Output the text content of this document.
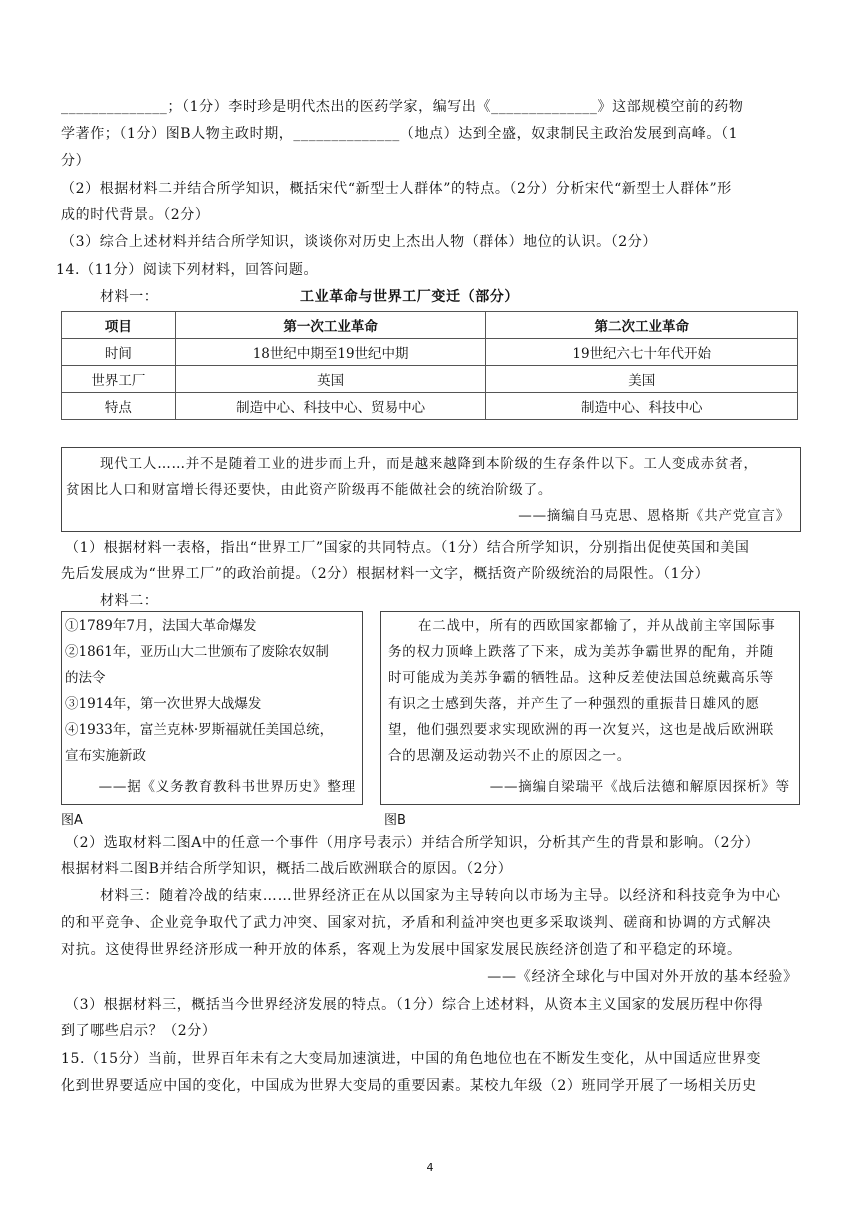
______________；（1分）李时珍是明代杰出的医药学家，编写出《______________》这部规模空前的药物
学著作；（1分）图B人物主政时期，______________（地点）达到全盛，奴隶制民主政治发展到高峰。（1
分）
（2）根据材料二并结合所学知识，概括宋代“新型士人群体”的特点。（2分）分析宋代“新型士人群体”形
成的时代背景。（2分）
（3）综合上述材料并结合所学知识，谈谈你对历史上杰出人物（群体）地位的认识。（2分）
14.（11分）阅读下列材料，回答问题。
材料一：	工业革命与世界工厂变迁（部分）
项目	第一次工业革命	第二次工业革命
时间	18世纪中期至19世纪中期	19世纪六七十年代开始
世界工厂	英国	美国
特点	制造中心、科技中心、贸易中心	制造中心、科技中心
现代工人……并不是随着工业的进步而上升，而是越来越降到本阶级的生存条件以下。工人变成赤贫者，
贫困比人口和财富增长得还要快，由此资产阶级再不能做社会的统治阶级了。
——摘编自马克思、恩格斯《共产党宣言》
（1）根据材料一表格，指出“世界工厂”国家的共同特点。（1分）结合所学知识，分别指出促使英国和美国
先后发展成为“世界工厂”的政治前提。（2分）根据材料一文字，概括资产阶级统治的局限性。（1分）
材料二：
①1789年7月，法国大革命爆发
②1861年，亚历山大二世颁布了废除农奴制
的法令
③1914年，第一次世界大战爆发
④1933年，富兰克林·罗斯福就任美国总统，
宣布实施新政
——据《义务教育教科书世界历史》整理
在二战中，所有的西欧国家都输了，并从战前主宰国际事
务的权力顶峰上跌落了下来，成为美苏争霸世界的配角，并随
时可能成为美苏争霸的牺牲品。这种反差使法国总统戴高乐等
有识之士感到失落，并产生了一种强烈的重振昔日雄风的愿
望，他们强烈要求实现欧洲的再一次复兴，这也是战后欧洲联
合的思潮及运动勃兴不止的原因之一。
——摘编自梁瑞平《战后法德和解原因探析》等
图A	图B
（2）选取材料二图A中的任意一个事件（用序号表示）并结合所学知识，分析其产生的背景和影响。（2分）
根据材料二图B并结合所学知识，概括二战后欧洲联合的原因。（2分）
材料三：随着冷战的结束……世界经济正在从以国家为主导转向以市场为主导。以经济和科技竞争为中心
的和平竞争、企业竞争取代了武力冲突、国家对抗，矛盾和利益冲突也更多采取谈判、磋商和协调的方式解决
对抗。这使得世界经济形成一种开放的体系，客观上为发展中国家发展民族经济创造了和平稳定的环境。
——《经济全球化与中国对外开放的基本经验》
（3）根据材料三，概括当今世界经济发展的特点。（1分）综合上述材料，从资本主义国家的发展历程中你得
到了哪些启示？（2分）
15.（15分）当前，世界百年未有之大变局加速演进，中国的角色地位也在不断发生变化，从中国适应世界变
化到世界要适应中国的变化，中国成为世界大变局的重要因素。某校九年级（2）班同学开展了一场相关历史
4
